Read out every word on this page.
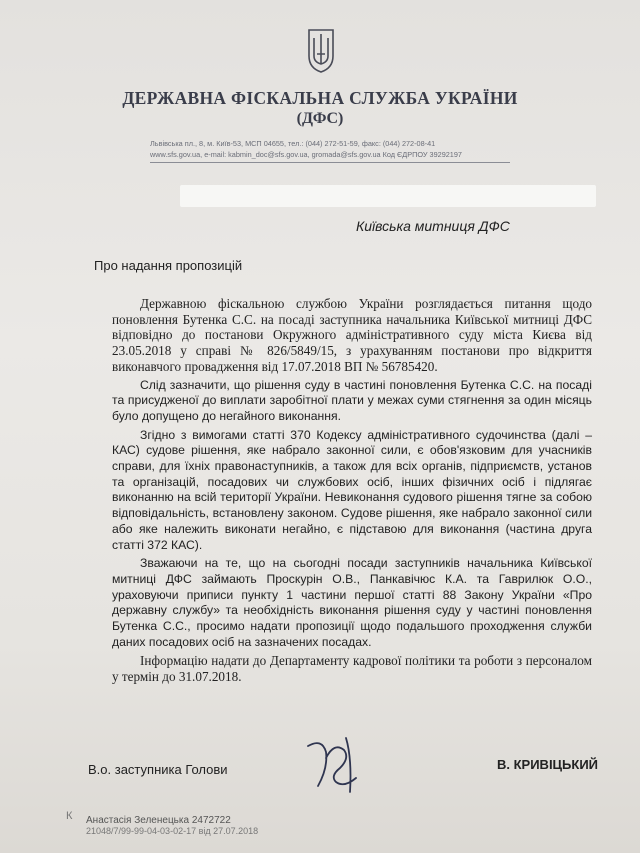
ДЕРЖАВНА ФІСКАЛЬНА СЛУЖБА УКРАЇНИ
(ДФС)
Львівська пл., 8, м. Київ-53, МСП 04655, тел.: (044) 272-51-59, факс: (044) 272-08-41
www.sfs.gov.ua, e-mail: kabmin_doc@sfs.gov.ua, gromada@sfs.gov.ua Код ЄДРПОУ 39292197
Київська митниця ДФС
Про надання пропозицій

Державною фіскальною службою України розглядається питання щодо поновлення Бутенка С.С. на посаді заступника начальника Київської митниці ДФС відповідно до постанови Окружного адміністративного суду міста Києва від 23.05.2018 у справі № 826/5849/15, з урахуванням постанови про відкриття виконавчого провадження від 17.07.2018 ВП № 56785420.

Слід зазначити, що рішення суду в частині поновлення Бутенка С.С. на посаді та присудженої до виплати заробітної плати у межах суми стягнення за один місяць було допущено до негайного виконання.

Згідно з вимогами статті 370 Кодексу адміністративного судочинства (далі – КАС) судове рішення, яке набрало законної сили, є обов'язковим для учасників справи, для їхніх правонаступників, а також для всіх органів, підприємств, установ та організацій, посадових чи службових осіб, інших фізичних осіб і підлягає виконанню на всій території України. Невиконання судового рішення тягне за собою відповідальність, встановлену законом. Судове рішення, яке набрало законної сили або яке належить виконати негайно, є підставою для виконання (частина друга статті 372 КАС).

Зважаючи на те, що на сьогодні посади заступників начальника Київської митниці ДФС займають Проскурін О.В., Панкавічюс К.А. та Гаврилюк О.О., ураховуючи приписи пункту 1 частини першої статті 88 Закону України «Про державну службу» та необхідність виконання рішення суду у частині поновлення Бутенка С.С., просимо надати пропозиції щодо подальшого проходження служби даних посадових осіб на зазначених посадах.

Інформацію надати до Департаменту кадрової політики та роботи з персоналом у термін до 31.07.2018.

В.о. заступника Голови	В. КРИВІЦЬКИЙ
К Анастасія Зеленецька 2472722
21048/7/99-99-04-03-02-17 від 27.07.2018
